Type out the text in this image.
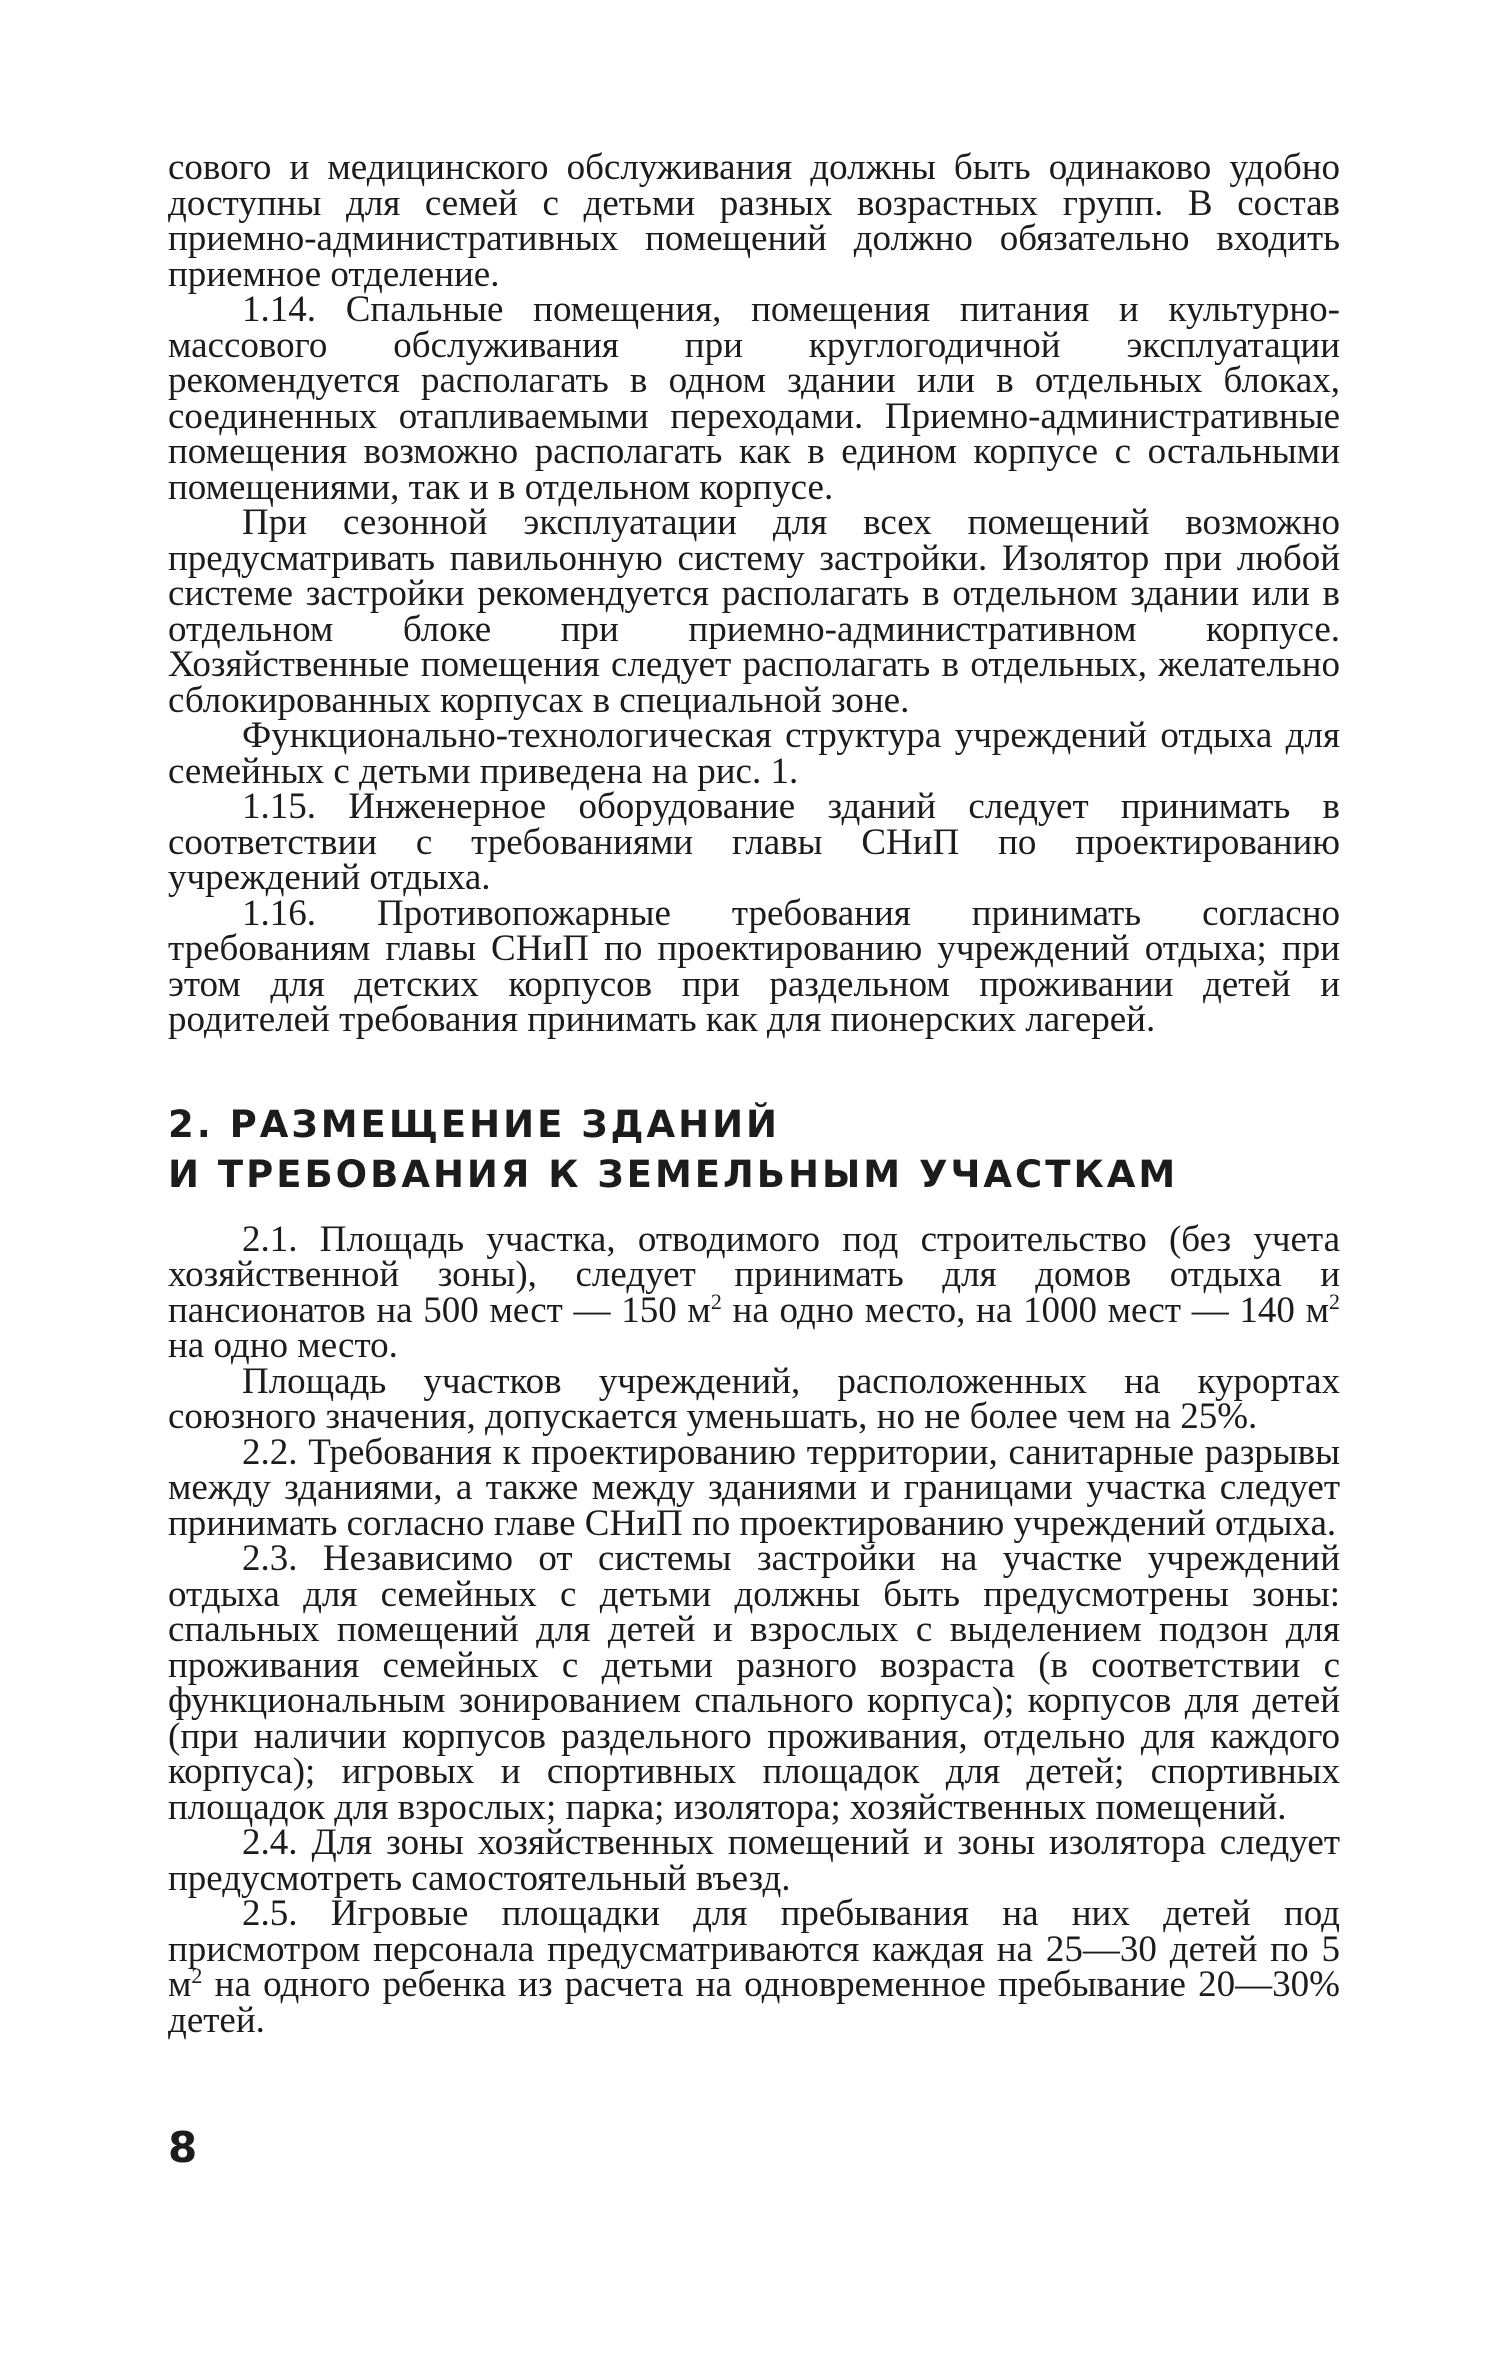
сового и медицинского обслуживания должны быть одинаково удобно доступны для семей с детьми разных возрастных групп. В состав приемно-административных помещений должно обязательно входить приемное отделение.

1.14. Спальные помещения, помещения питания и культурно-массового обслуживания при круглогодичной эксплуатации рекомендуется располагать в одном здании или в отдельных блоках, соединенных отапливаемыми переходами. Приемно-административные помещения возможно располагать как в едином корпусе с остальными помещениями, так и в отдельном корпусе.

При сезонной эксплуатации для всех помещений возможно предусматривать павильонную систему застройки. Изолятор при любой системе застройки рекомендуется располагать в отдельном здании или в отдельном блоке при приемно-административном корпусе. Хозяйственные помещения следует располагать в отдельных, желательно сблокированных корпусах в специальной зоне.

Функционально-технологическая структура учреждений отдыха для семейных с детьми приведена на рис. 1.

1.15. Инженерное оборудование зданий следует принимать в соответствии с требованиями главы СНиП по проектированию учреждений отдыха.

1.16. Противопожарные требования принимать согласно требованиям главы СНиП по проектированию учреждений отдыха; при этом для детских корпусов при раздельном проживании детей и родителей требования принимать как для пионерских лагерей.

2. РАЗМЕЩЕНИЕ ЗДАНИЙ
И ТРЕБОВАНИЯ К ЗЕМЕЛЬНЫМ УЧАСТКАМ

2.1. Площадь участка, отводимого под строительство (без учета хозяйственной зоны), следует принимать для домов отдыха и пансионатов на 500 мест — 150 $м^2$ на одно место, на 1000 мест — 140 $м^2$ на одно место.

Площадь участков учреждений, расположенных на курортах союзного значения, допускается уменьшать, но не более чем на 25%.

2.2. Требования к проектированию территории, санитарные разрывы между зданиями, а также между зданиями и границами участка следует принимать согласно главе СНиП по проектированию учреждений отдыха.

2.3. Независимо от системы застройки на участке учреждений отдыха для семейных с детьми должны быть предусмотрены зоны: спальных помещений для детей и взрослых с выделением подзон для проживания семейных с детьми разного возраста (в соответствии с функциональным зонированием спального корпуса); корпусов для детей (при наличии корпусов раздельного проживания, отдельно для каждого корпуса); игровых и спортивных площадок для детей; спортивных площадок для взрослых; парка; изолятора; хозяйственных помещений.

2.4. Для зоны хозяйственных помещений и зоны изолятора следует предусмотреть самостоятельный въезд.

2.5. Игровые площадки для пребывания на них детей под присмотром персонала предусматриваются каждая на 25—30 детей по 5 $м^2$ на одного ребенка из расчета на одновременное пребывание 20—30% детей.

8
